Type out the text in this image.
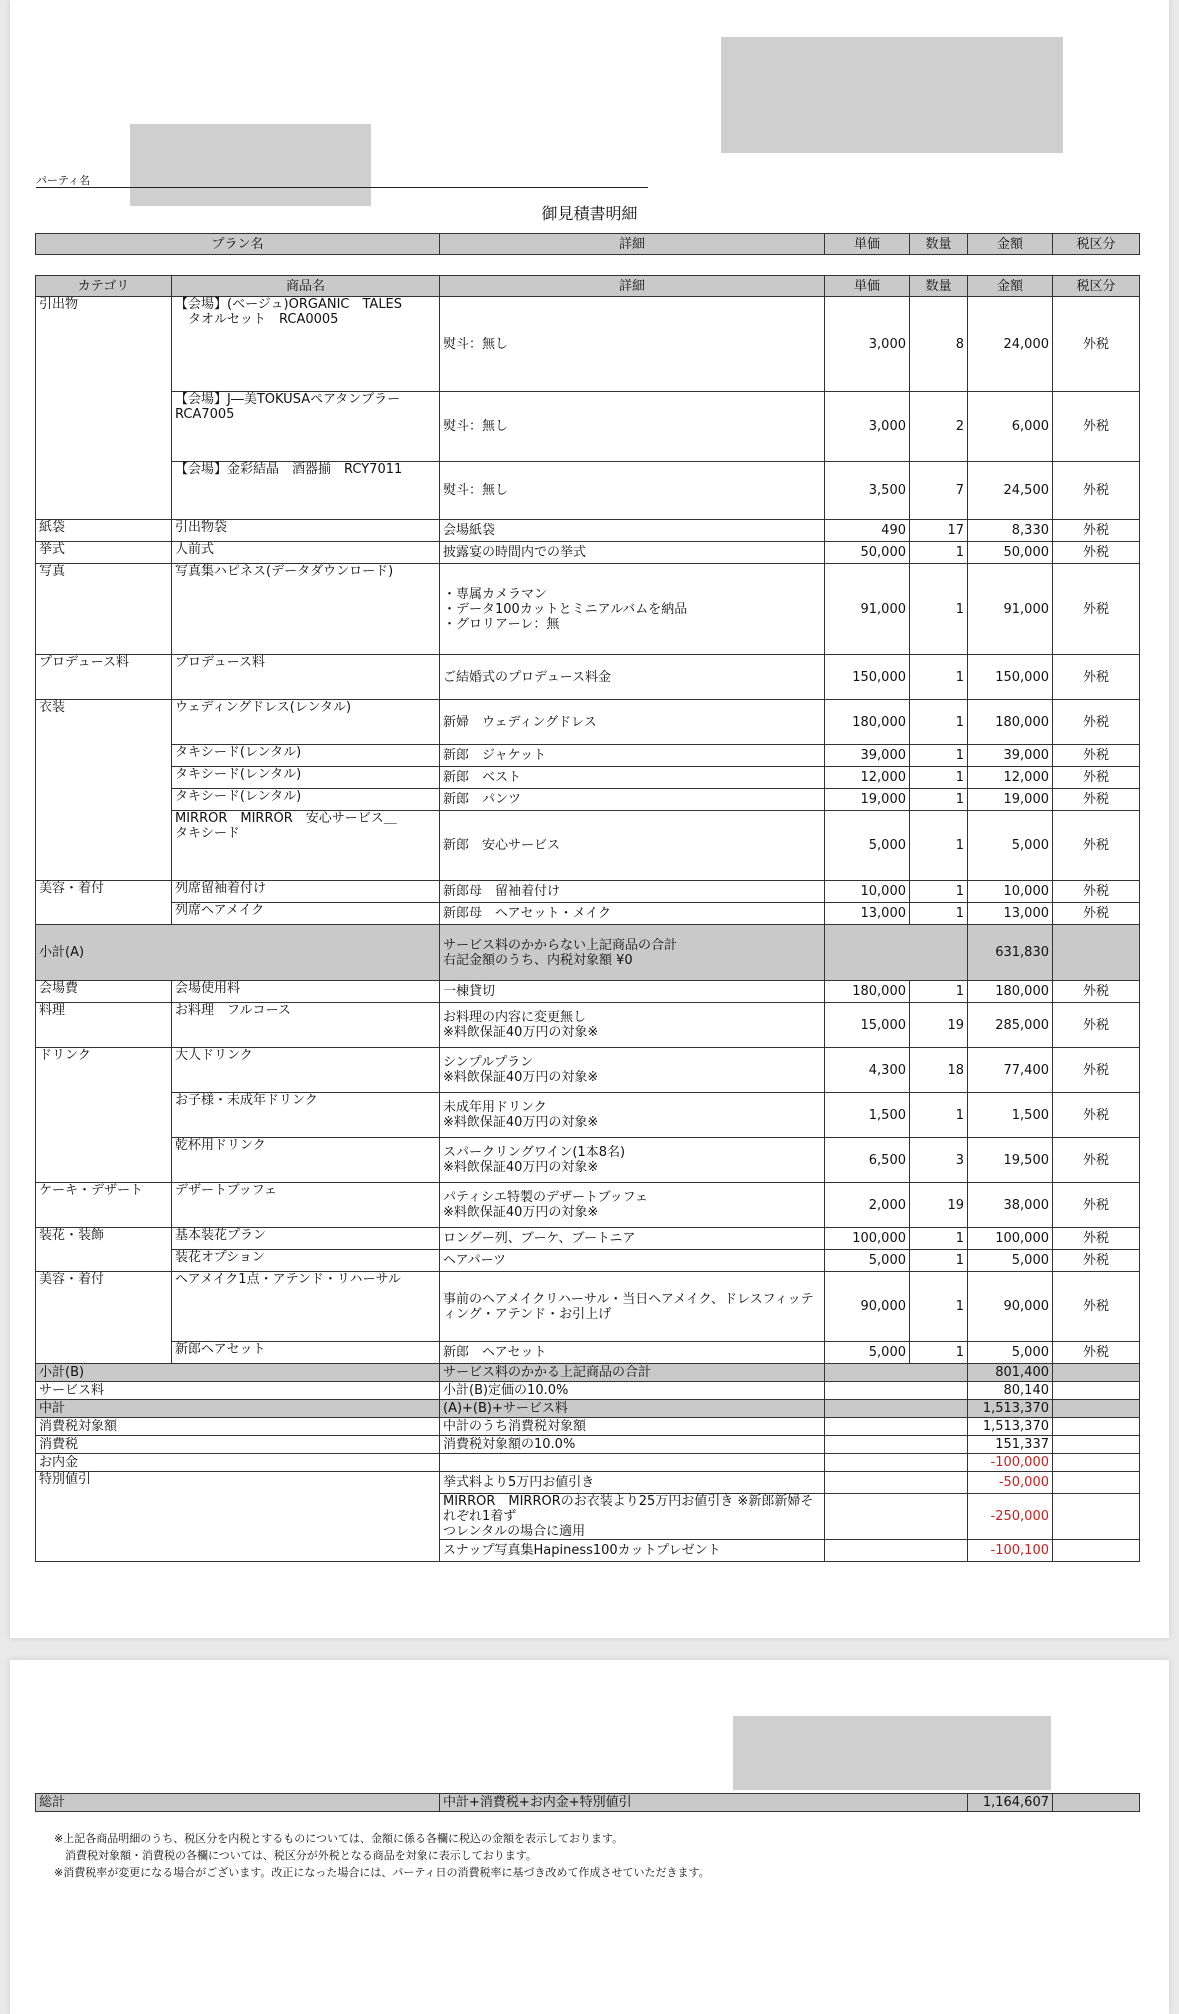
パーティ名
御見積書明細
プラン名	詳細	単価	数量	金額	税区分
カテゴリ	商品名	詳細	単価	数量	金額	税区分
引出物	【会場】(ベージュ)ORGANIC　TALES
　タオルセット　RCA0005	熨斗：無し	3,000	8	24,000	外税
	【会場】J―美TOKUSAペアタンブラー
RCA7005	熨斗：無し	3,000	2	6,000	外税
	【会場】金彩結晶　酒器揃　RCY7011	熨斗：無し	3,500	7	24,500	外税
紙袋	引出物袋	会場紙袋	490	17	8,330	外税
挙式	人前式	披露宴の時間内での挙式	50,000	1	50,000	外税
写真	写真集ハピネス(データダウンロード)	・専属カメラマン
・データ100カットとミニアルバムを納品
・グロリアーレ：無	91,000	1	91,000	外税
プロデュース料	プロデュース料	ご結婚式のプロデュース料金	150,000	1	150,000	外税
衣装	ウェディングドレス(レンタル)	新婦　ウェディングドレス	180,000	1	180,000	外税
	タキシード(レンタル)	新郎　ジャケット	39,000	1	39,000	外税
	タキシード(レンタル)	新郎　ベスト	12,000	1	12,000	外税
	タキシード(レンタル)	新郎　パンツ	19,000	1	19,000	外税
	MIRROR　MIRROR　安心サービス＿
タキシード	新郎　安心サービス	5,000	1	5,000	外税
美容・着付	列席留袖着付け	新郎母　留袖着付け	10,000	1	10,000	外税
	列席ヘアメイク	新郎母　ヘアセット・メイク	13,000	1	13,000	外税
小計(A)		サービス料のかからない上記商品の合計
右記金額のうち、内税対象額 ¥0			631,830	
会場費	会場使用料	一棟貸切	180,000	1	180,000	外税
料理	お料理　フルコース	お料理の内容に変更無し
※料飲保証40万円の対象※	15,000	19	285,000	外税
ドリンク	大人ドリンク	シンプルプラン
※料飲保証40万円の対象※	4,300	18	77,400	外税
	お子様・未成年ドリンク	未成年用ドリンク
※料飲保証40万円の対象※	1,500	1	1,500	外税
	乾杯用ドリンク	スパークリングワイン(1本8名)
※料飲保証40万円の対象※	6,500	3	19,500	外税
ケーキ・デザート	デザートブッフェ	パティシエ特製のデザートブッフェ
※料飲保証40万円の対象※	2,000	19	38,000	外税
装花・装飾	基本装花プラン	ロングー列、ブーケ、ブートニア	100,000	1	100,000	外税
	装花オプション	ヘアパーツ	5,000	1	5,000	外税
美容・着付	ヘアメイク1点・アテンド・リハーサル	事前のヘアメイクリハーサル・当日ヘアメイク、ドレスフィッテ
ィング・アテンド・お引上げ	90,000	1	90,000	外税
	新郎ヘアセット	新郎　ヘアセット	5,000	1	5,000	外税
小計(B)		サービス料のかかる上記商品の合計			801,400	
サービス料		小計(B)定価の10.0%			80,140	
中計		(A)+(B)+サービス料			1,513,370	
消費税対象額		中計のうち消費税対象額			1,513,370	
消費税		消費税対象額の10.0%			151,337	
お内金					-100,000	
特別値引		挙式料より5万円お値引き			-50,000	
		MIRROR　MIRRORのお衣装より25万円お値引き ※新郎新婦それぞれ1着ず
つレンタルの場合に適用			-250,000	
		スナップ写真集Hapiness100カットプレゼント			-100,100	
総計	中計+消費税+お内金+特別値引	1,164,607	
※上記各商品明細のうち、税区分を内税とするものについては、金額に係る各欄に税込の金額を表示しております。
　消費税対象額・消費税の各欄については、税区分が外税となる商品を対象に表示しております。
※消費税率が変更になる場合がございます。改正になった場合には、パーティ日の消費税率に基づき改めて作成させていただきます。
